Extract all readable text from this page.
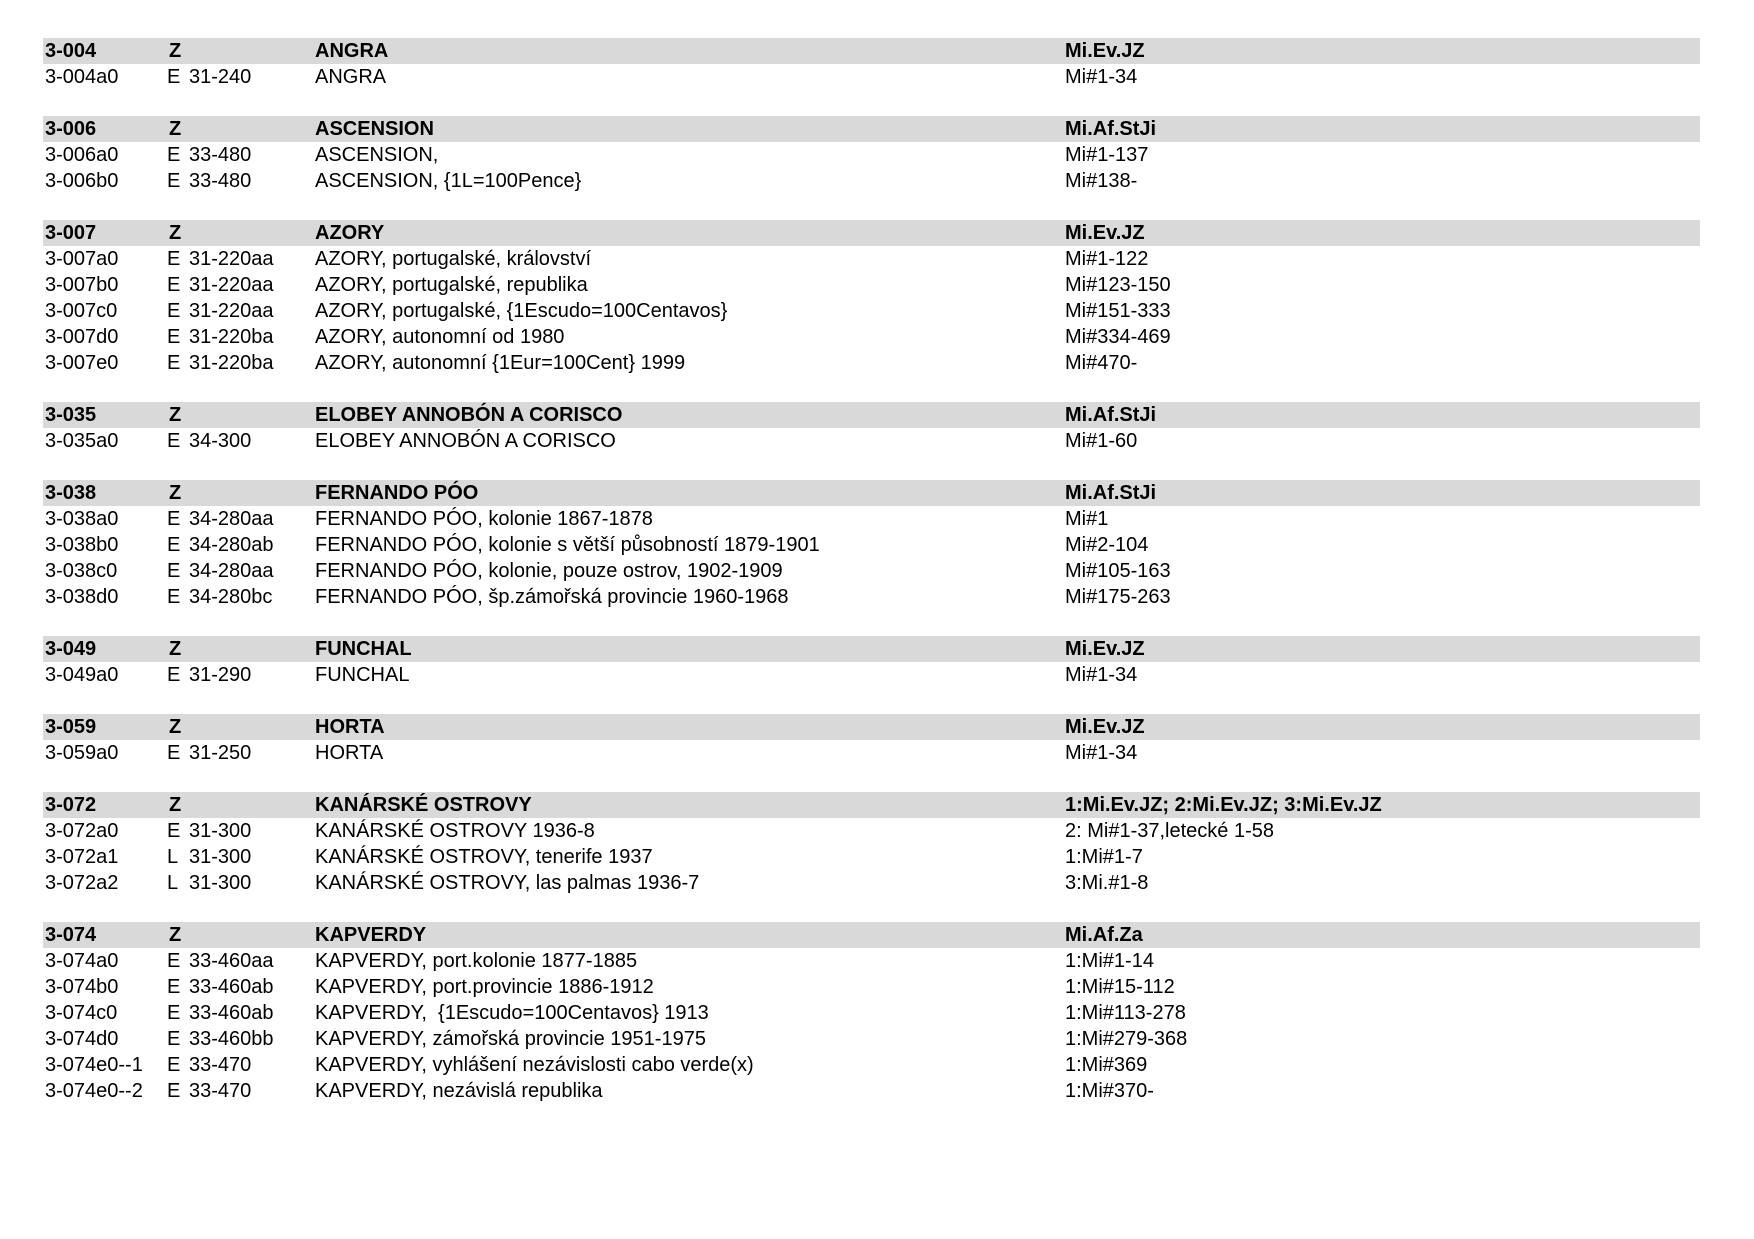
3-004	Z	ANGRA	Mi.Ev.JZ
3-004a0 E 31-240	ANGRA	Mi#1-34
3-006	Z	ASCENSION	Mi.Af.StJi
3-006a0 E 33-480	ASCENSION,	Mi#1-137
3-006b0 E 33-480	ASCENSION, {1L=100Pence}	Mi#138-
3-007	Z	AZORY	Mi.Ev.JZ
3-007a0 E 31-220aa AZORY, portugalské, království	Mi#1-122
3-007b0 E 31-220aa AZORY, portugalské, republika	Mi#123-150
3-007c0 E 31-220aa AZORY, portugalské, {1Escudo=100Centavos}	Mi#151-333
3-007d0 E 31-220ba AZORY, autonomní od 1980	Mi#334-469
3-007e0 E 31-220ba AZORY, autonomní {1Eur=100Cent} 1999	Mi#470-
3-035	Z	ELOBEY ANNOBÓN A CORISCO	Mi.Af.StJi
3-035a0 E 34-300	ELOBEY ANNOBÓN A CORISCO	Mi#1-60
3-038	Z	FERNANDO PÓO	Mi.Af.StJi
3-038a0 E 34-280aa FERNANDO PÓO, kolonie 1867-1878	Mi#1
3-038b0 E 34-280ab FERNANDO PÓO, kolonie s větší působností 1879-1901	Mi#2-104
3-038c0 E 34-280aa FERNANDO PÓO, kolonie, pouze ostrov, 1902-1909	Mi#105-163
3-038d0 E 34-280bc FERNANDO PÓO, šp.zámořská provincie 1960-1968	Mi#175-263
3-049	Z	FUNCHAL	Mi.Ev.JZ
3-049a0 E 31-290	FUNCHAL	Mi#1-34
3-059	Z	HORTA	Mi.Ev.JZ
3-059a0 E 31-250	HORTA	Mi#1-34
3-072	Z	KANÁRSKÉ OSTROVY	1:Mi.Ev.JZ; 2:Mi.Ev.JZ; 3:Mi.Ev.JZ
3-072a0 E 31-300	KANÁRSKÉ OSTROVY 1936-8	2: Mi#1-37,letecké 1-58
3-072a1 L 31-300	KANÁRSKÉ OSTROVY, tenerife 1937	1:Mi#1-7
3-072a2 L 31-300	KANÁRSKÉ OSTROVY, las palmas 1936-7	3:Mi.#1-8
3-074	Z	KAPVERDY	Mi.Af.Za
3-074a0 E 33-460aa KAPVERDY, port.kolonie 1877-1885	1:Mi#1-14
3-074b0 E 33-460ab KAPVERDY, port.provincie 1886-1912	1:Mi#15-112
3-074c0 E 33-460ab KAPVERDY,  {1Escudo=100Centavos} 1913	1:Mi#113-278
3-074d0 E 33-460bb KAPVERDY, zámořská provincie 1951-1975	1:Mi#279-368
3-074e0--1 E 33-470	KAPVERDY, vyhlášení nezávislosti cabo verde(x)	1:Mi#369
3-074e0--2 E 33-470	KAPVERDY, nezávislá republika	1:Mi#370-
